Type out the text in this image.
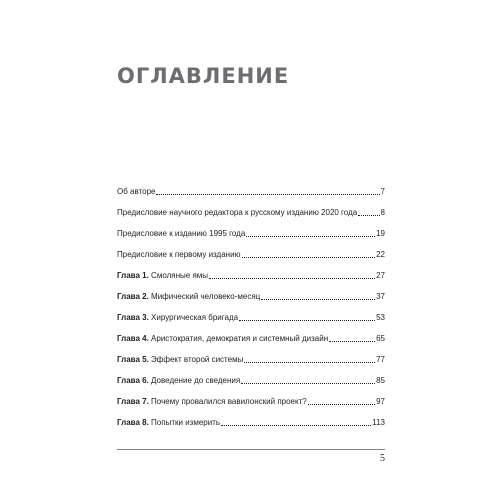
ОГЛАВЛЕНИЕ
Об авторе	7
Предисловие научного редактора к русскому изданию 2020 года	8
Предисловие к изданию 1995 года	19
Предисловие к первому изданию	22
Глава 1. Смоляные ямы	27
Глава 2. Мифический человеко-месяц	37
Глава 3. Хирургическая бригада	53
Глава 4. Аристократия, демократия и системный дизайн	65
Глава 5. Эффект второй системы	77
Глава 6. Доведение до сведения	85
Глава 7. Почему провалился вавилонский проект?	97
Глава 8. Попытки измерить	113
5
